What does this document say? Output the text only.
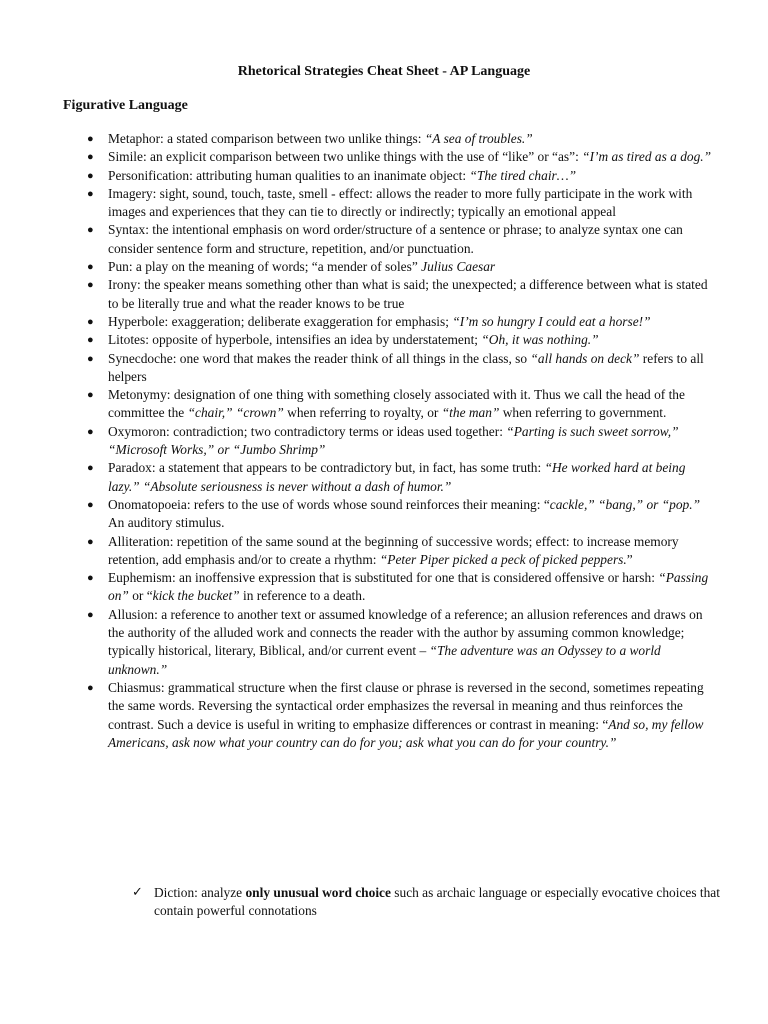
Rhetorical Strategies Cheat Sheet - AP Language
Figurative Language
● Metaphor: a stated comparison between two unlike things: “A sea of troubles.”
● Simile: an explicit comparison between two unlike things with the use of “like” or “as”: “I’m as tired as a dog.”
● Personification: attributing human qualities to an inanimate object: “The tired chair…”
● Imagery: sight, sound, touch, taste, smell - effect: allows the reader to more fully participate in the work with images and experiences that they can tie to directly or indirectly; typically an emotional appeal
● Syntax: the intentional emphasis on word order/structure of a sentence or phrase; to analyze syntax one can consider sentence form and structure, repetition, and/or punctuation.
● Pun: a play on the meaning of words; “a mender of soles” Julius Caesar
● Irony: the speaker means something other than what is said; the unexpected; a difference between what is stated to be literally true and what the reader knows to be true
● Hyperbole: exaggeration; deliberate exaggeration for emphasis; “I’m so hungry I could eat a horse!”
● Litotes: opposite of hyperbole, intensifies an idea by understatement; “Oh, it was nothing.”
● Synecdoche: one word that makes the reader think of all things in the class, so “all hands on deck” refers to all helpers
● Metonymy: designation of one thing with something closely associated with it. Thus we call the head of the committee the “chair,” “crown” when referring to royalty, or “the man” when referring to government.
● Oxymoron: contradiction; two contradictory terms or ideas used together: “Parting is such sweet sorrow,” “Microsoft Works,” or “Jumbo Shrimp”
● Paradox: a statement that appears to be contradictory but, in fact, has some truth: “He worked hard at being lazy.” “Absolute seriousness is never without a dash of humor.”
● Onomatopoeia: refers to the use of words whose sound reinforces their meaning: “cackle,” “bang,” or “pop.” An auditory stimulus.
● Alliteration: repetition of the same sound at the beginning of successive words; effect: to increase memory retention, add emphasis and/or to create a rhythm: “Peter Piper picked a peck of picked peppers.”
● Euphemism: an inoffensive expression that is substituted for one that is considered offensive or harsh: “Passing on” or “kick the bucket” in reference to a death.
● Allusion: a reference to another text or assumed knowledge of a reference; an allusion references and draws on the authority of the alluded work and connects the reader with the author by assuming common knowledge; typically historical, literary, Biblical, and/or current event – “The adventure was an Odyssey to a world unknown.”
● Chiasmus: grammatical structure when the first clause or phrase is reversed in the second, sometimes repeating the same words. Reversing the syntactical order emphasizes the reversal in meaning and thus reinforces the contrast. Such a device is useful in writing to emphasize differences or contrast in meaning: “And so, my fellow Americans, ask now what your country can do for you; ask what you can do for your country.”
✓ Diction: analyze only unusual word choice such as archaic language or especially evocative choices that contain powerful connotations
